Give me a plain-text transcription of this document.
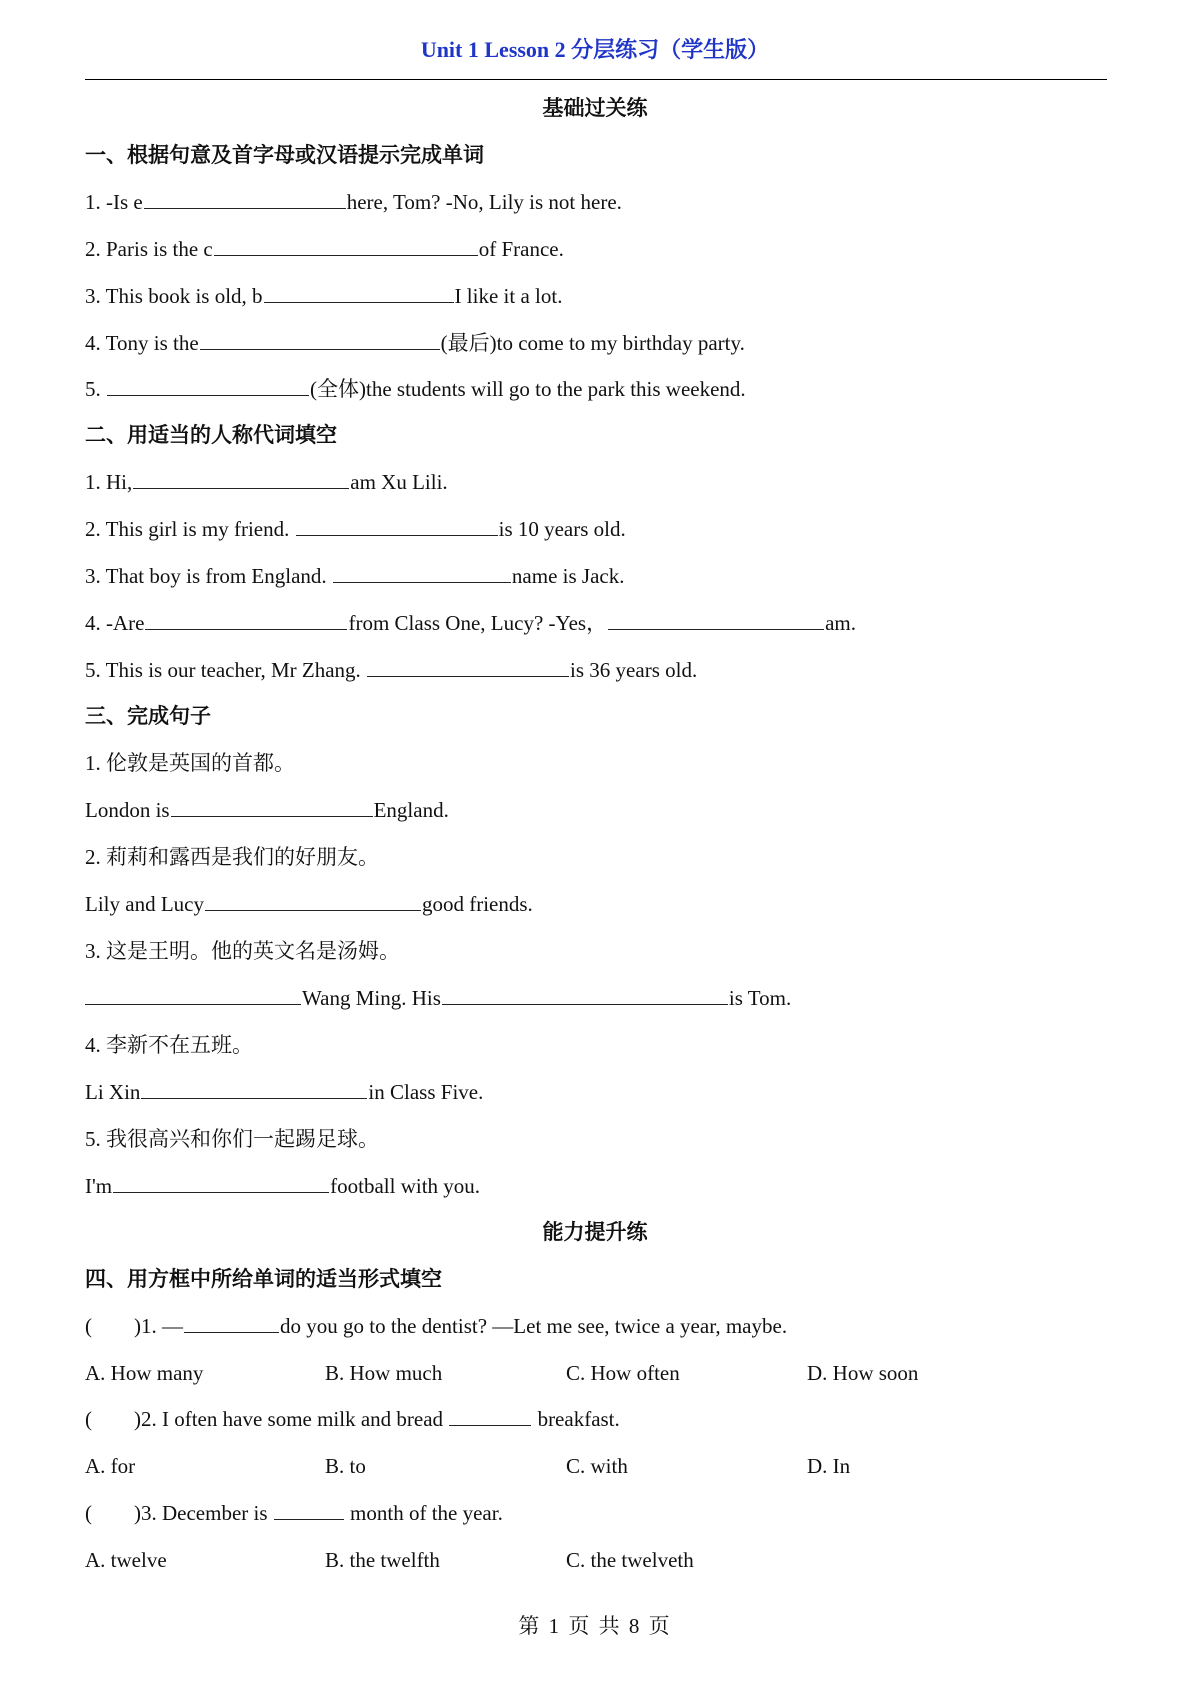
Unit 1 Lesson 2 分层练习（学生版）
基础过关练
一、根据句意及首字母或汉语提示完成单词
1. -Is e	here, Tom? -No, Lily is not here.
2. Paris is the c	of France.
3. This book is old, b	I like it a lot.
4. Tony is the	(最后)to come to my birthday party.
5.	(全体)the students will go to the park this weekend.
二、用适当的人称代词填空
1. Hi,	am Xu Lili.
2. This girl is my friend.	is 10 years old.
3. That boy is from England.	name is Jack.
4. -Are	from Class One, Lucy? -Yes，	am.
5. This is our teacher, Mr Zhang.	is 36 years old.
三、完成句子
1. 伦敦是英国的首都。
London is	England.
2. 莉莉和露西是我们的好朋友。
Lily and Lucy	good friends.
3. 这是王明。他的英文名是汤姆。
Wang Ming. His	is Tom.
4. 李新不在五班。
Li Xin	in Class Five.
5. 我很高兴和你们一起踢足球。
I'm	football with you.
能力提升练
四、用方框中所给单词的适当形式填空
(　　)1. —	do you go to the dentist? —Let me see, twice a year, maybe.
A. How many	B. How much	C. How often	D. How soon
(　　)2. I often have some milk and bread	breakfast.
A. for	B. to	C. with	D. In
(　　)3. December is	month of the year.
A. twelve	B. the twelfth	C. the twelveth
第 1 页 共 8 页
